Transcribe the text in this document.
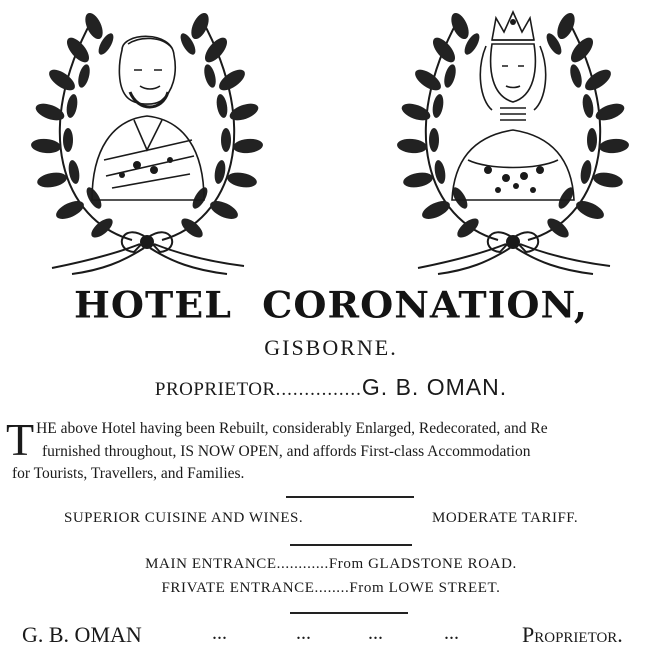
HOTEL CORONATION,
GISBORNE.
PROPRIETOR...............G. B. OMAN.
T HE above Hotel having been Rebuilt, considerably Enlarged, Redecorated, and Re
furnished throughout, IS NOW OPEN, and affords First-class Accommodation
for Tourists, Travellers, and Families.
SUPERIOR CUISINE AND WINES.	MODERATE TARIFF.
MAIN ENTRANCE............From GLADSTONE ROAD.
FRIVATE ENTRANCE........From LOWE STREET.
G. B. OMAN	...	...	...	...	Proprietor.
